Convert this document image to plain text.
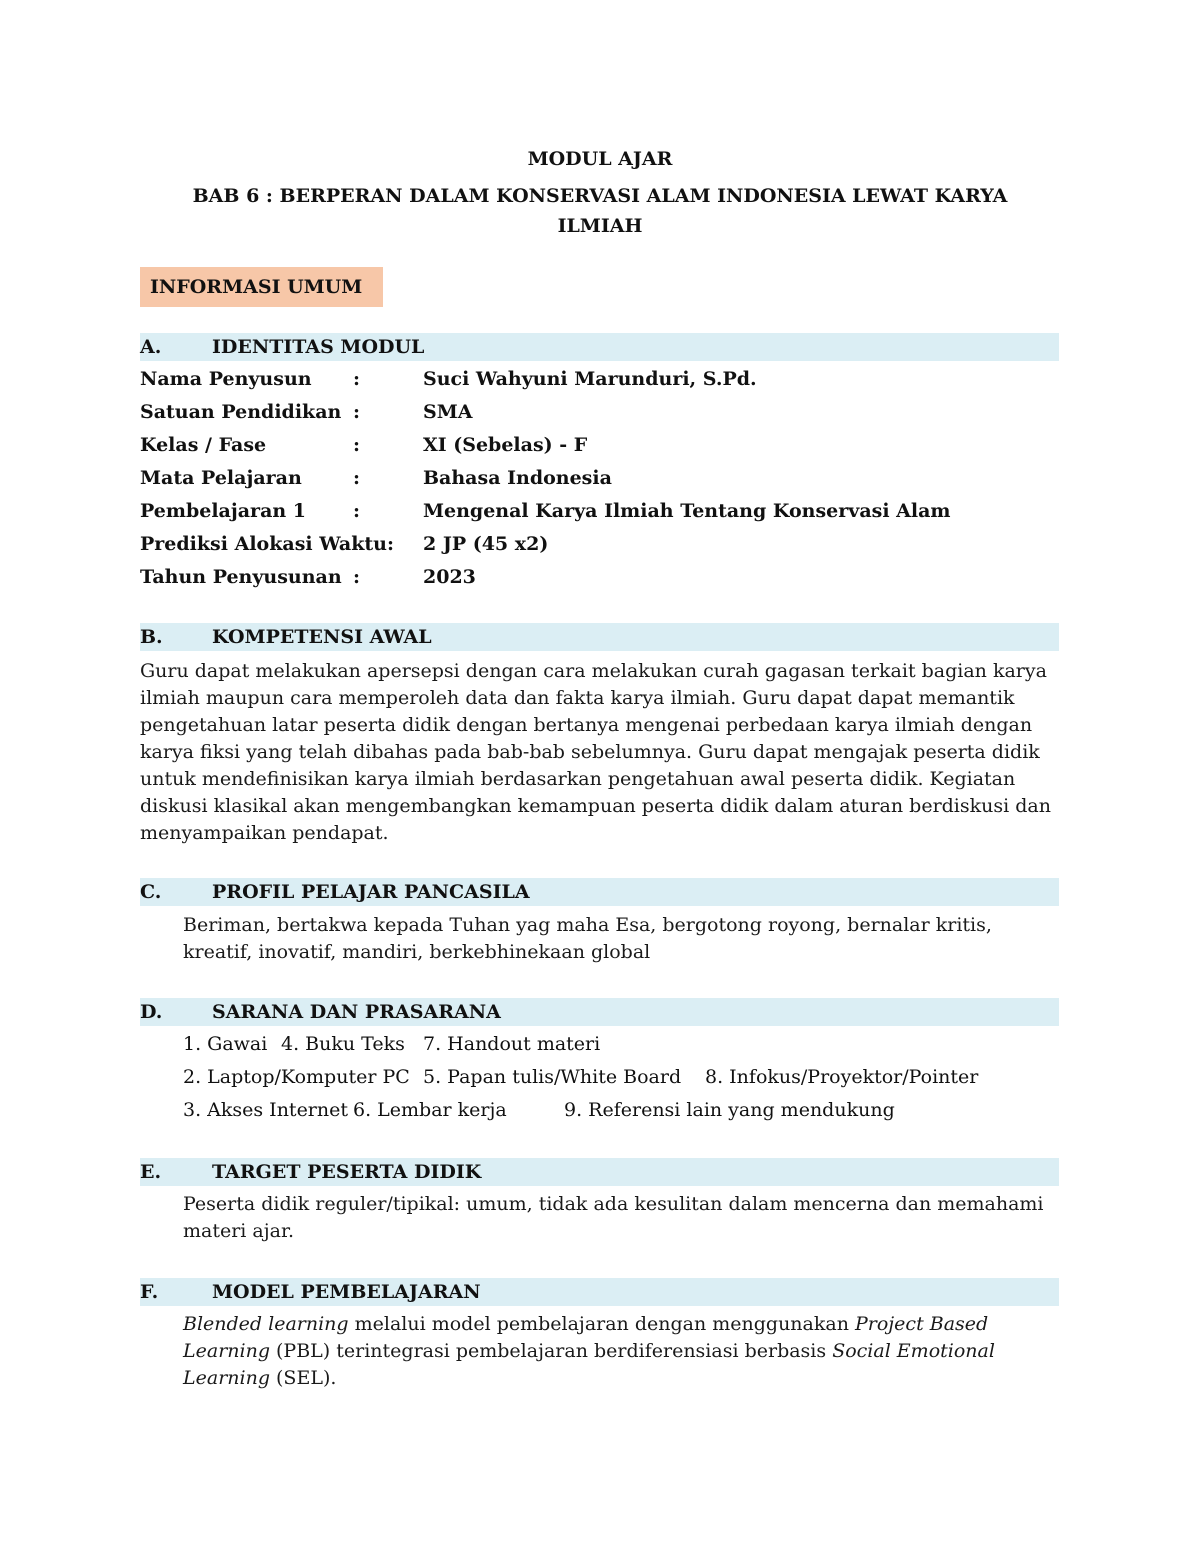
MODUL AJAR
BAB 6 : BERPERAN DALAM KONSERVASI ALAM INDONESIA LEWAT KARYA ILMIAH
INFORMASI UMUM
A.	IDENTITAS MODUL
Nama Penyusun :	Suci Wahyuni Marunduri, S.Pd.
Satuan Pendidikan :	SMA
Kelas / Fase	:	XI (Sebelas) - F
Mata Pelajaran	:	Bahasa Indonesia
Pembelajaran 1 :	Mengenal Karya Ilmiah Tentang Konservasi Alam
Prediksi Alokasi Waktu: 2 JP (45 x2)
Tahun Penyusunan :	2023
B.	KOMPETENSI AWAL
Guru dapat melakukan apersepsi dengan cara melakukan curah gagasan terkait bagian karya ilmiah maupun cara memperoleh data dan fakta karya ilmiah. Guru dapat dapat memantik pengetahuan latar peserta didik dengan bertanya mengenai perbedaan karya ilmiah dengan karya fiksi yang telah dibahas pada bab-bab sebelumnya. Guru dapat mengajak peserta didik untuk mendefinisikan karya ilmiah berdasarkan pengetahuan awal peserta didik. Kegiatan diskusi klasikal akan mengembangkan kemampuan peserta didik dalam aturan berdiskusi dan menyampaikan pendapat.
C.	PROFIL PELAJAR PANCASILA
Beriman, bertakwa kepada Tuhan yag maha Esa, bergotong royong, bernalar kritis, kreatif, inovatif, mandiri, berkebhinekaan global
D.	SARANA DAN PRASARANA
1. Gawai 4. Buku Teks 7. Handout materi
2. Laptop/Komputer PC 5. Papan tulis/White Board 8. Infokus/Proyektor/Pointer
3. Akses Internet 6. Lembar kerja	9. Referensi lain yang mendukung
E.	TARGET PESERTA DIDIK
Peserta didik reguler/tipikal: umum, tidak ada kesulitan dalam mencerna dan memahami materi ajar.
F.	MODEL PEMBELAJARAN
Blended learning melalui model pembelajaran dengan menggunakan Project Based Learning (PBL) terintegrasi pembelajaran berdiferensiasi berbasis Social Emotional Learning (SEL).
